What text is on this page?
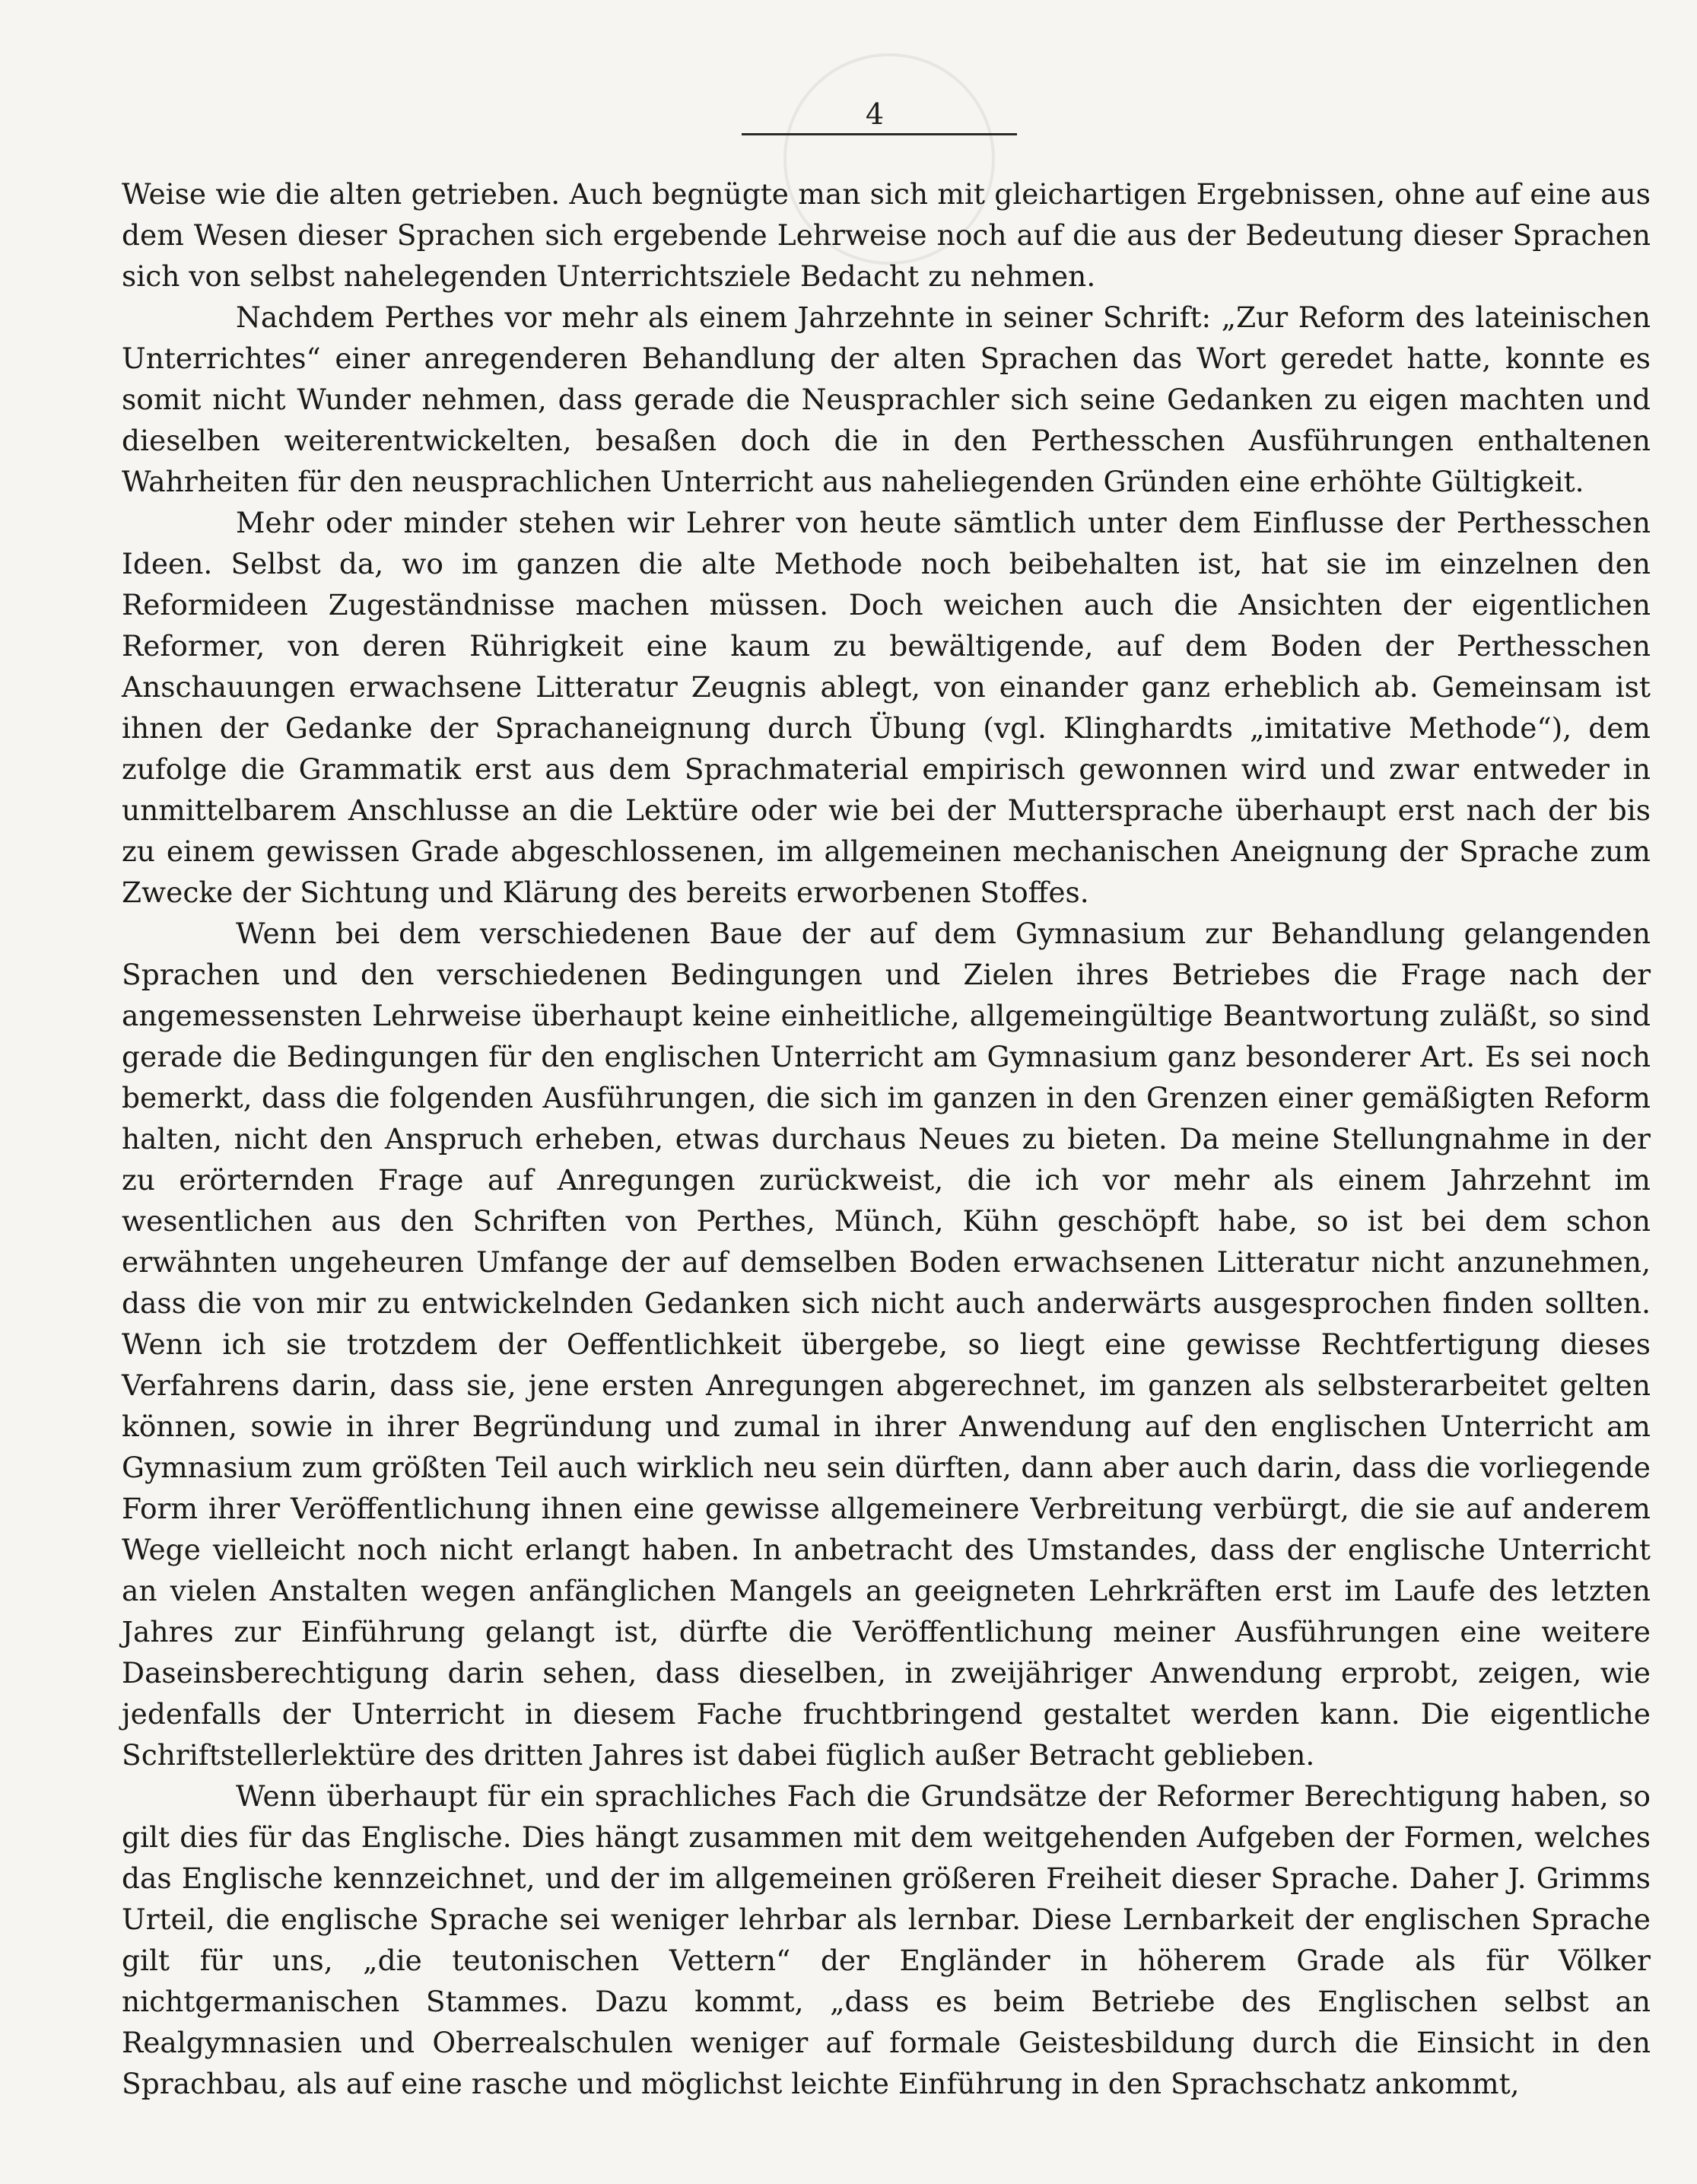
4

Weise wie die alten getrieben. Auch begnügte man sich mit gleichartigen Ergebnissen, ohne auf eine aus dem Wesen dieser Sprachen sich ergebende Lehrweise noch auf die aus der Bedeutung dieser Sprachen sich von selbst nahelegenden Unterrichtsziele Bedacht zu nehmen.

Nachdem Perthes vor mehr als einem Jahrzehnte in seiner Schrift: „Zur Reform des lateinischen Unterrichtes“ einer anregenderen Behandlung der alten Sprachen das Wort geredet hatte, konnte es somit nicht Wunder nehmen, dass gerade die Neusprachler sich seine Gedanken zu eigen machten und dieselben weiterentwickelten, besaßen doch die in den Perthesschen Ausführungen enthaltenen Wahrheiten für den neusprachlichen Unterricht aus naheliegenden Gründen eine erhöhte Gültigkeit.

Mehr oder minder stehen wir Lehrer von heute sämtlich unter dem Einflusse der Perthesschen Ideen. Selbst da, wo im ganzen die alte Methode noch beibehalten ist, hat sie im einzelnen den Reformideen Zugeständnisse machen müssen. Doch weichen auch die Ansichten der eigentlichen Reformer, von deren Rührigkeit eine kaum zu bewältigende, auf dem Boden der Perthesschen Anschauungen erwachsene Litteratur Zeugnis ablegt, von einander ganz erheblich ab. Gemeinsam ist ihnen der Gedanke der Sprachaneignung durch Übung (vgl. Klinghardts „imitative Methode“), dem zufolge die Grammatik erst aus dem Sprachmaterial empirisch gewonnen wird und zwar entweder in unmittelbarem Anschlusse an die Lektüre oder wie bei der Muttersprache überhaupt erst nach der bis zu einem gewissen Grade abgeschlossenen, im allgemeinen mechanischen Aneignung der Sprache zum Zwecke der Sichtung und Klärung des bereits erworbenen Stoffes.

Wenn bei dem verschiedenen Baue der auf dem Gymnasium zur Behandlung gelangenden Sprachen und den verschiedenen Bedingungen und Zielen ihres Betriebes die Frage nach der angemessensten Lehrweise überhaupt keine einheitliche, allgemeingültige Beantwortung zuläßt, so sind gerade die Bedingungen für den englischen Unterricht am Gymnasium ganz besonderer Art. Es sei noch bemerkt, dass die folgenden Ausführungen, die sich im ganzen in den Grenzen einer gemäßigten Reform halten, nicht den Anspruch erheben, etwas durchaus Neues zu bieten. Da meine Stellungnahme in der zu erörternden Frage auf Anregungen zurückweist, die ich vor mehr als einem Jahrzehnt im wesentlichen aus den Schriften von Perthes, Münch, Kühn geschöpft habe, so ist bei dem schon erwähnten ungeheuren Umfange der auf demselben Boden erwachsenen Litteratur nicht anzunehmen, dass die von mir zu entwickelnden Gedanken sich nicht auch anderwärts ausgesprochen finden sollten. Wenn ich sie trotzdem der Oeffentlichkeit übergebe, so liegt eine gewisse Rechtfertigung dieses Verfahrens darin, dass sie, jene ersten Anregungen abgerechnet, im ganzen als selbsterarbeitet gelten können, sowie in ihrer Begründung und zumal in ihrer Anwendung auf den englischen Unterricht am Gymnasium zum größten Teil auch wirklich neu sein dürften, dann aber auch darin, dass die vorliegende Form ihrer Veröffentlichung ihnen eine gewisse allgemeinere Verbreitung verbürgt, die sie auf anderem Wege vielleicht noch nicht erlangt haben. In anbetracht des Umstandes, dass der englische Unterricht an vielen Anstalten wegen anfänglichen Mangels an geeigneten Lehrkräften erst im Laufe des letzten Jahres zur Einführung gelangt ist, dürfte die Veröffentlichung meiner Ausführungen eine weitere Daseinsberechtigung darin sehen, dass dieselben, in zweijähriger Anwendung erprobt, zeigen, wie jedenfalls der Unterricht in diesem Fache fruchtbringend gestaltet werden kann. Die eigentliche Schriftstellerlektüre des dritten Jahres ist dabei füglich außer Betracht geblieben.

Wenn überhaupt für ein sprachliches Fach die Grundsätze der Reformer Berechtigung haben, so gilt dies für das Englische. Dies hängt zusammen mit dem weitgehenden Aufgeben der Formen, welches das Englische kennzeichnet, und der im allgemeinen größeren Freiheit dieser Sprache. Daher J. Grimms Urteil, die englische Sprache sei weniger lehrbar als lernbar. Diese Lernbarkeit der englischen Sprache gilt für uns, „die teutonischen Vettern“ der Engländer in höherem Grade als für Völker nichtgermanischen Stammes. Dazu kommt, „dass es beim Betriebe des Englischen selbst an Realgymnasien und Oberrealschulen weniger auf formale Geistesbildung durch die Einsicht in den Sprachbau, als auf eine rasche und möglichst leichte Einführung in den Sprachschatz ankommt,
